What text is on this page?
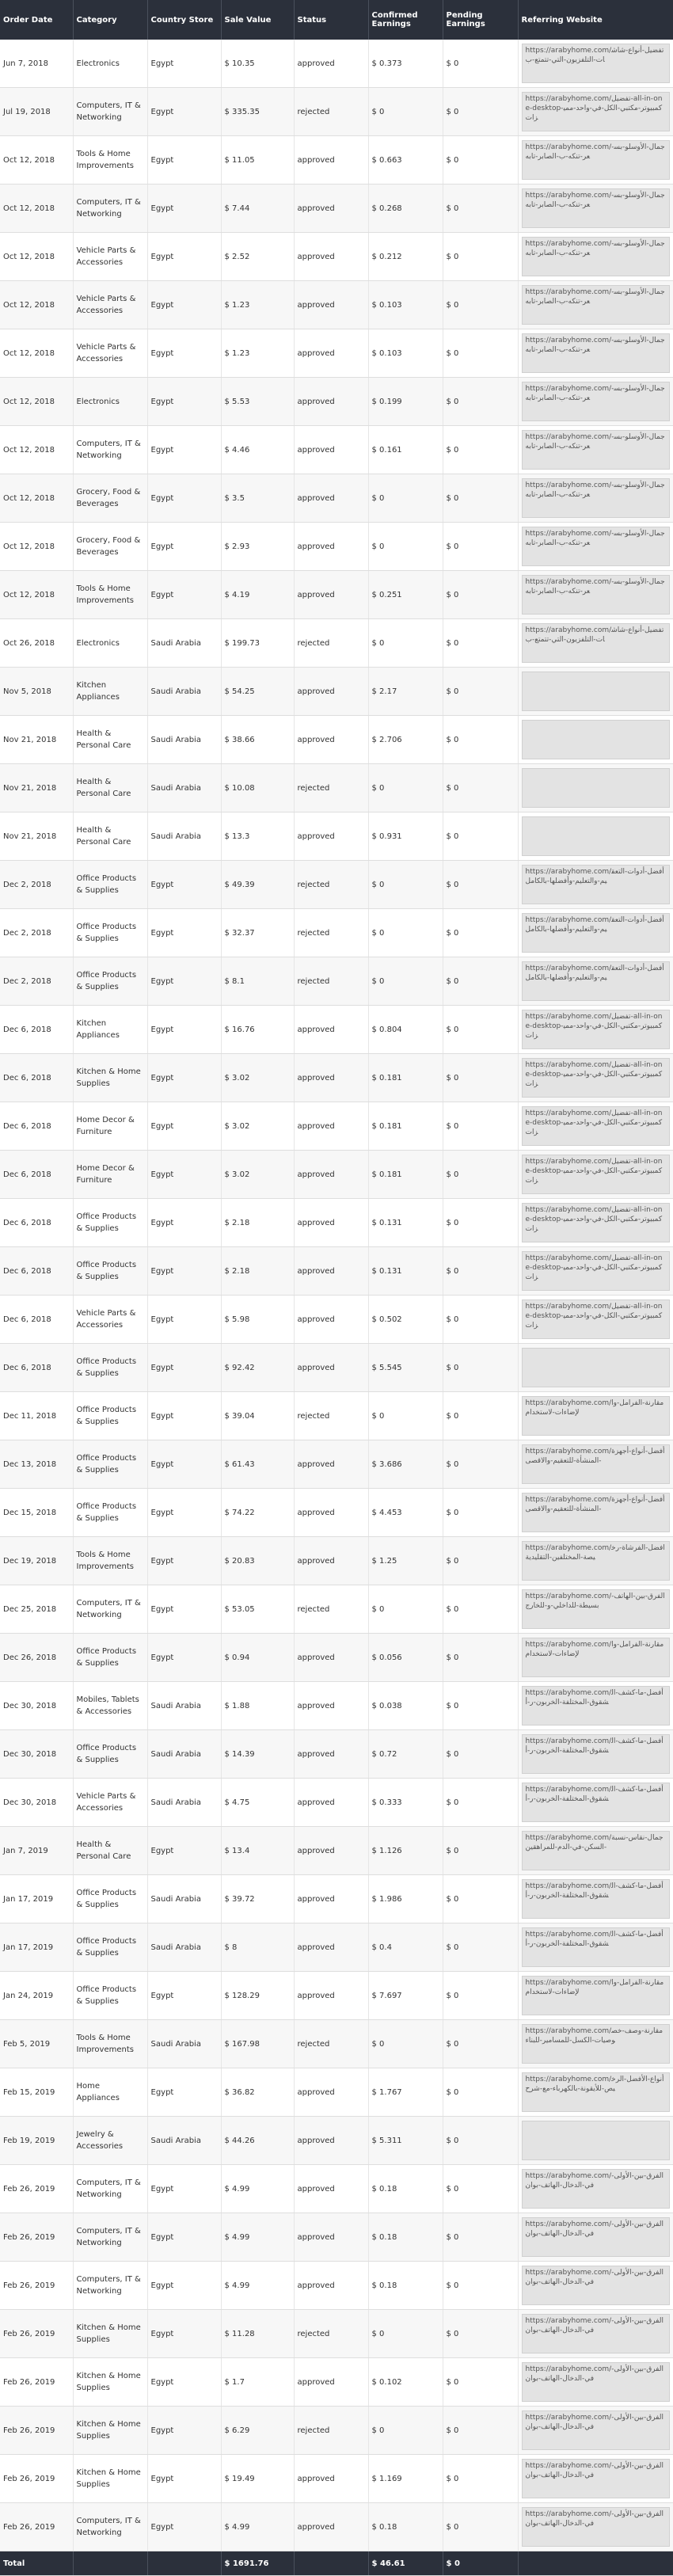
Order Date	Category	Country Store	Sale Value	Status	Confirmed Earnings	Pending Earnings	Referring Website
Jun 7, 2018	Electronics	Egypt	$ 10.35	approved	$ 0.373	$ 0	https://arabyhome.com/تفضيل-أنواع-شاشات-التلفزيون-التي-تتمتع-ب

Jul 19, 2018	Computers, IT & Networking	Egypt	$ 335.35	rejected	$ 0	$ 0	https://arabyhome.com/تفضيل-all-in-one-desktop-كمبيوتر-مكتبي-الكل-في-واحد-مميزات

Oct 12, 2018	Tools & Home Improvements	Egypt	$ 11.05	approved	$ 0.663	$ 0	https://arabyhome.com/-جمال-الأوسلو-بسعر-تنكه-ب-الصابر-تابه

Oct 12, 2018	Computers, IT & Networking	Egypt	$ 7.44	approved	$ 0.268	$ 0	https://arabyhome.com/-جمال-الأوسلو-بسعر-تنكه-ب-الصابر-تابه

Oct 12, 2018	Vehicle Parts & Accessories	Egypt	$ 2.52	approved	$ 0.212	$ 0	https://arabyhome.com/-جمال-الأوسلو-بسعر-تنكه-ب-الصابر-تابه

Oct 12, 2018	Vehicle Parts & Accessories	Egypt	$ 1.23	approved	$ 0.103	$ 0	https://arabyhome.com/-جمال-الأوسلو-بسعر-تنكه-ب-الصابر-تابه

Oct 12, 2018	Vehicle Parts & Accessories	Egypt	$ 1.23	approved	$ 0.103	$ 0	https://arabyhome.com/-جمال-الأوسلو-بسعر-تنكه-ب-الصابر-تابه

Oct 12, 2018	Electronics	Egypt	$ 5.53	approved	$ 0.199	$ 0	https://arabyhome.com/-جمال-الأوسلو-بسعر-تنكه-ب-الصابر-تابه

Oct 12, 2018	Computers, IT & Networking	Egypt	$ 4.46	approved	$ 0.161	$ 0	https://arabyhome.com/-جمال-الأوسلو-بسعر-تنكه-ب-الصابر-تابه

Oct 12, 2018	Grocery, Food & Beverages	Egypt	$ 3.5	approved	$ 0	$ 0	https://arabyhome.com/-جمال-الأوسلو-بسعر-تنكه-ب-الصابر-تابه

Oct 12, 2018	Grocery, Food & Beverages	Egypt	$ 2.93	approved	$ 0	$ 0	https://arabyhome.com/-جمال-الأوسلو-بسعر-تنكه-ب-الصابر-تابه

Oct 12, 2018	Tools & Home Improvements	Egypt	$ 4.19	approved	$ 0.251	$ 0	https://arabyhome.com/-جمال-الأوسلو-بسعر-تنكه-ب-الصابر-تابه

Oct 26, 2018	Electronics	Saudi Arabia	$ 199.73	rejected	$ 0	$ 0	https://arabyhome.com/تفضيل-أنواع-شاشات-التلفزيون-التي-تتمتع-ب

Nov 5, 2018	Kitchen Appliances	Saudi Arabia	$ 54.25	approved	$ 2.17	$ 0	

Nov 21, 2018	Health & Personal Care	Saudi Arabia	$ 38.66	approved	$ 2.706	$ 0	

Nov 21, 2018	Health & Personal Care	Saudi Arabia	$ 10.08	rejected	$ 0	$ 0	

Nov 21, 2018	Health & Personal Care	Saudi Arabia	$ 13.3	approved	$ 0.931	$ 0	

Dec 2, 2018	Office Products & Supplies	Egypt	$ 49.39	rejected	$ 0	$ 0	https://arabyhome.com/أفضل-أدوات-التعقيم-والتعليم-وأفضلها-بالكامل

Dec 2, 2018	Office Products & Supplies	Egypt	$ 32.37	rejected	$ 0	$ 0	https://arabyhome.com/أفضل-أدوات-التعقيم-والتعليم-وأفضلها-بالكامل

Dec 2, 2018	Office Products & Supplies	Egypt	$ 8.1	rejected	$ 0	$ 0	https://arabyhome.com/أفضل-أدوات-التعقيم-والتعليم-وأفضلها-بالكامل

Dec 6, 2018	Kitchen Appliances	Egypt	$ 16.76	approved	$ 0.804	$ 0	https://arabyhome.com/تفضيل-all-in-one-desktop-كمبيوتر-مكتبي-الكل-في-واحد-مميزات

Dec 6, 2018	Kitchen & Home Supplies	Egypt	$ 3.02	approved	$ 0.181	$ 0	https://arabyhome.com/تفضيل-all-in-one-desktop-كمبيوتر-مكتبي-الكل-في-واحد-مميزات

Dec 6, 2018	Home Decor & Furniture	Egypt	$ 3.02	approved	$ 0.181	$ 0	https://arabyhome.com/تفضيل-all-in-one-desktop-كمبيوتر-مكتبي-الكل-في-واحد-مميزات

Dec 6, 2018	Home Decor & Furniture	Egypt	$ 3.02	approved	$ 0.181	$ 0	https://arabyhome.com/تفضيل-all-in-one-desktop-كمبيوتر-مكتبي-الكل-في-واحد-مميزات

Dec 6, 2018	Office Products & Supplies	Egypt	$ 2.18	approved	$ 0.131	$ 0	https://arabyhome.com/تفضيل-all-in-one-desktop-كمبيوتر-مكتبي-الكل-في-واحد-مميزات

Dec 6, 2018	Office Products & Supplies	Egypt	$ 2.18	approved	$ 0.131	$ 0	https://arabyhome.com/تفضيل-all-in-one-desktop-كمبيوتر-مكتبي-الكل-في-واحد-مميزات

Dec 6, 2018	Vehicle Parts & Accessories	Egypt	$ 5.98	approved	$ 0.502	$ 0	https://arabyhome.com/تفضيل-all-in-one-desktop-كمبيوتر-مكتبي-الكل-في-واحد-مميزات

Dec 6, 2018	Office Products & Supplies	Egypt	$ 92.42	approved	$ 5.545	$ 0	

Dec 11, 2018	Office Products & Supplies	Egypt	$ 39.04	rejected	$ 0	$ 0	https://arabyhome.com/مقارنة-الفرامل-والإضاءات-لاستخدام

Dec 13, 2018	Office Products & Supplies	Egypt	$ 61.43	approved	$ 3.686	$ 0	https://arabyhome.com/أفضل-أنواع-أجهزة-المنشأة-للتعقيم-والاقصى

Dec 15, 2018	Office Products & Supplies	Egypt	$ 74.22	approved	$ 4.453	$ 0	https://arabyhome.com/أفضل-أنواع-أجهزة-المنشأة-للتعقيم-والاقصى

Dec 19, 2018	Tools & Home Improvements	Egypt	$ 20.83	approved	$ 1.25	$ 0	https://arabyhome.com/افضل-الفرشاة-رخيصة-المختلفين-التقليدية

Dec 25, 2018	Computers, IT & Networking	Egypt	$ 53.05	rejected	$ 0	$ 0	https://arabyhome.com/الفرق-بين-الهاتف-بسيطة-للداخلي-و-للخارج

Dec 26, 2018	Office Products & Supplies	Egypt	$ 0.94	approved	$ 0.056	$ 0	https://arabyhome.com/مقارنة-الفرامل-والإضاءات-لاستخدام

Dec 30, 2018	Mobiles, Tablets & Accessories	Saudi Arabia	$ 1.88	approved	$ 0.038	$ 0	https://arabyhome.com/أفضل-ما-كشف-الشقوق-المختلفة-الخربون-ر-أ

Dec 30, 2018	Office Products & Supplies	Saudi Arabia	$ 14.39	approved	$ 0.72	$ 0	https://arabyhome.com/أفضل-ما-كشف-الشقوق-المختلفة-الخربون-ر-أ

Dec 30, 2018	Vehicle Parts & Accessories	Saudi Arabia	$ 4.75	approved	$ 0.333	$ 0	https://arabyhome.com/أفضل-ما-كشف-الشقوق-المختلفة-الخربون-ر-أ

Jan 7, 2019	Health & Personal Care	Egypt	$ 13.4	approved	$ 1.126	$ 0	https://arabyhome.com/جمال-نقاس-نسبة-السكن-في-الدم-للمراهقين

Jan 17, 2019	Office Products & Supplies	Saudi Arabia	$ 39.72	approved	$ 1.986	$ 0	https://arabyhome.com/أفضل-ما-كشف-الشقوق-المختلفة-الخربون-ر-أ

Jan 17, 2019	Office Products & Supplies	Saudi Arabia	$ 8	approved	$ 0.4	$ 0	https://arabyhome.com/أفضل-ما-كشف-الشقوق-المختلفة-الخربون-ر-أ

Jan 24, 2019	Office Products & Supplies	Egypt	$ 128.29	approved	$ 7.697	$ 0	https://arabyhome.com/مقارنة-الفرامل-والإضاءات-لاستخدام

Feb 5, 2019	Tools & Home Improvements	Saudi Arabia	$ 167.98	rejected	$ 0	$ 0	https://arabyhome.com/مقارنة-وصف-خصوصيات-الكسل-للمسامير-للبناء

Feb 15, 2019	Home Appliances	Egypt	$ 36.82	approved	$ 1.767	$ 0	https://arabyhome.com/أنواع-الأفضل-الرخيص-للأيقونة-بالكهرباء-مع-شرح

Feb 19, 2019	Jewelry & Accessories	Saudi Arabia	$ 44.26	approved	$ 5.311	$ 0	

Feb 26, 2019	Computers, IT & Networking	Egypt	$ 4.99	approved	$ 0.18	$ 0	https://arabyhome.com/الفرق-بين-الأولى-في-الدخال-الهاتف-بوان

Feb 26, 2019	Computers, IT & Networking	Egypt	$ 4.99	approved	$ 0.18	$ 0	https://arabyhome.com/الفرق-بين-الأولى-في-الدخال-الهاتف-بوان

Feb 26, 2019	Computers, IT & Networking	Egypt	$ 4.99	approved	$ 0.18	$ 0	https://arabyhome.com/الفرق-بين-الأولى-في-الدخال-الهاتف-بوان

Feb 26, 2019	Kitchen & Home Supplies	Egypt	$ 11.28	rejected	$ 0	$ 0	https://arabyhome.com/الفرق-بين-الأولى-في-الدخال-الهاتف-بوان

Feb 26, 2019	Kitchen & Home Supplies	Egypt	$ 1.7	approved	$ 0.102	$ 0	https://arabyhome.com/الفرق-بين-الأولى-في-الدخال-الهاتف-بوان

Feb 26, 2019	Kitchen & Home Supplies	Egypt	$ 6.29	rejected	$ 0	$ 0	https://arabyhome.com/الفرق-بين-الأولى-في-الدخال-الهاتف-بوان

Feb 26, 2019	Kitchen & Home Supplies	Egypt	$ 19.49	approved	$ 1.169	$ 0	https://arabyhome.com/الفرق-بين-الأولى-في-الدخال-الهاتف-بوان

Feb 26, 2019	Computers, IT & Networking	Egypt	$ 4.99	approved	$ 0.18	$ 0	https://arabyhome.com/الفرق-بين-الأولى-في-الدخال-الهاتف-بوان

Total			$ 1691.76		$ 46.61	$ 0	
